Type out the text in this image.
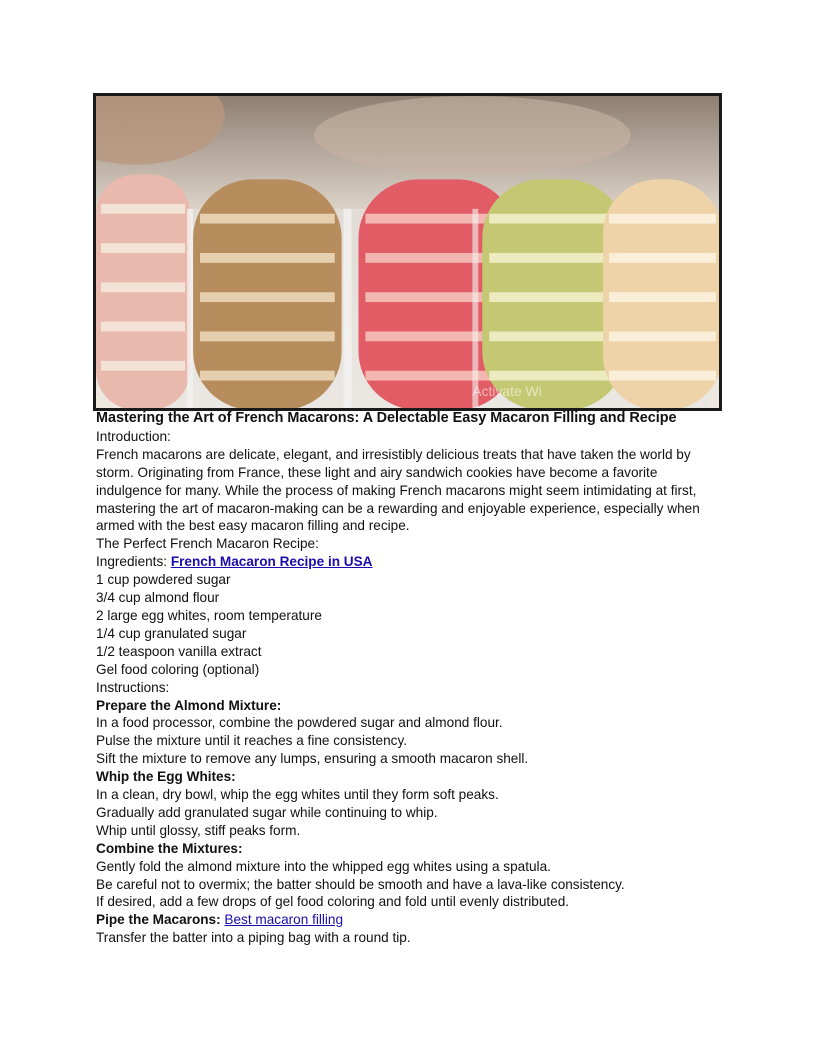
Activate Wi
Mastering the Art of French Macarons: A Delectable Easy Macaron Filling and Recipe
Introduction:
French macarons are delicate, elegant, and irresistibly delicious treats that have taken the world by storm. Originating from France, these light and airy sandwich cookies have become a favorite indulgence for many. While the process of making French macarons might seem intimidating at first, mastering the art of macaron-making can be a rewarding and enjoyable experience, especially when armed with the best easy macaron filling and recipe.
The Perfect French Macaron Recipe:
Ingredients: French Macaron Recipe in USA
1 cup powdered sugar
3/4 cup almond flour
2 large egg whites, room temperature
1/4 cup granulated sugar
1/2 teaspoon vanilla extract
Gel food coloring (optional)
Instructions:
Prepare the Almond Mixture:
In a food processor, combine the powdered sugar and almond flour.
Pulse the mixture until it reaches a fine consistency.
Sift the mixture to remove any lumps, ensuring a smooth macaron shell.
Whip the Egg Whites:
In a clean, dry bowl, whip the egg whites until they form soft peaks.
Gradually add granulated sugar while continuing to whip.
Whip until glossy, stiff peaks form.
Combine the Mixtures:
Gently fold the almond mixture into the whipped egg whites using a spatula.
Be careful not to overmix; the batter should be smooth and have a lava-like consistency.
If desired, add a few drops of gel food coloring and fold until evenly distributed.
Pipe the Macarons: Best macaron filling
Transfer the batter into a piping bag with a round tip.
